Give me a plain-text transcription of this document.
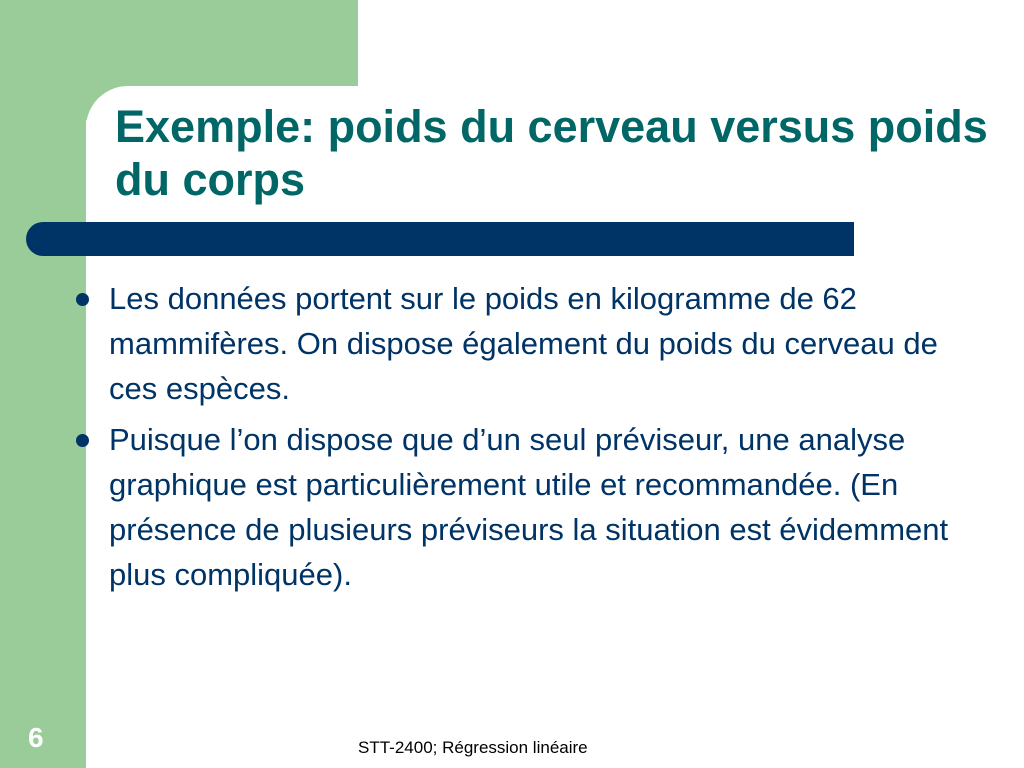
Exemple: poids du cerveau versus poids du corps
Les données portent sur le poids en kilogramme de 62 mammifères. On dispose également du poids du cerveau de ces espèces.
Puisque l’on dispose que d’un seul préviseur, une analyse graphique est particulièrement utile et recommandée. (En présence de plusieurs préviseurs la situation est évidemment plus compliquée).
6	STT-2400; Régression linéaire
